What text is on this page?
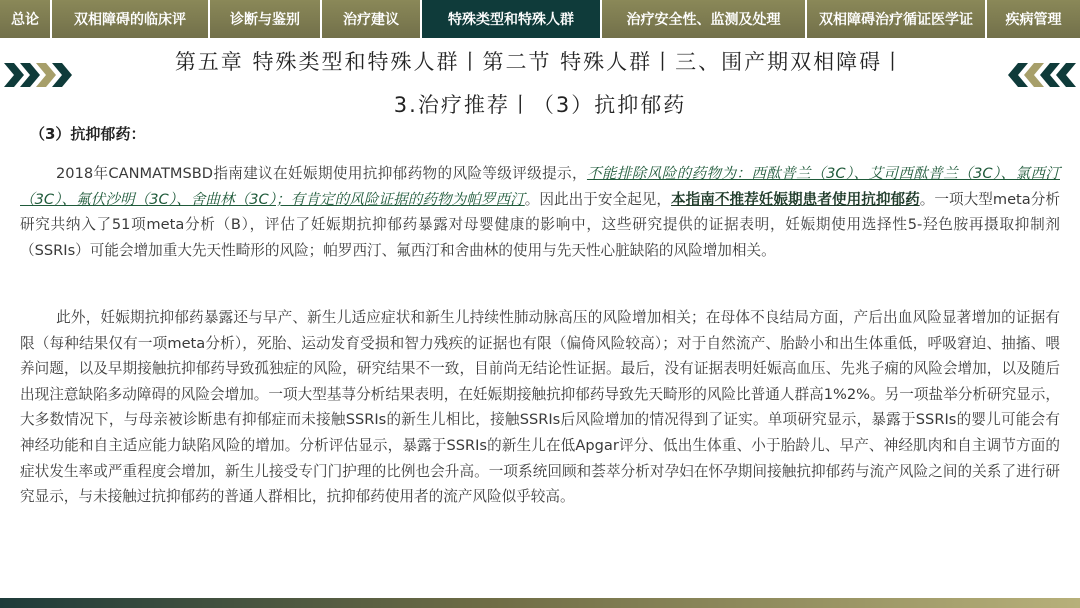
总论	双相障碍的临床评	诊断与鉴别	治疗建议	特殊类型和特殊人群	治疗安全性、监测及处理	双相障碍治疗循证医学证	疾病管理
第五章 特殊类型和特殊人群丨第二节 特殊人群丨三、围产期双相障碍丨
3.治疗推荐丨（3）抗抑郁药
（3）抗抑郁药：

2018年CANMATMSBD指南建议在妊娠期使用抗抑郁药物的风险等级评级提示，不能排除风险的药物为：西酞普兰（3C）、艾司西酞普兰（3C）、氯西汀（3C）、氟伏沙明（3C）、舍曲林（3C）；有肯定的风险证据的药物为帕罗西汀。因此出于安全起见，本指南不推荐妊娠期患者使用抗抑郁药。一项大型meta分析研究共纳入了51项meta分析（B），评估了妊娠期抗抑郁药暴露对母婴健康的影响中，这些研究提供的证据表明，妊娠期使用选择性5-羟色胺再摄取抑制剂（SSRIs）可能会增加重大先天性畸形的风险；帕罗西汀、氟西汀和舍曲林的使用与先天性心脏缺陷的风险增加相关。

此外，妊娠期抗抑郁药暴露还与早产、新生儿适应症状和新生儿持续性肺动脉高压的风险增加相关；在母体不良结局方面，产后出血风险显著增加的证据有限（每种结果仅有一项meta分析），死胎、运动发育受损和智力残疾的证据也有限（偏倚风险较高）；对于自然流产、胎龄小和出生体重低，呼吸窘迫、抽搐、喂养问题，以及早期接触抗抑郁药导致孤独症的风险，研究结果不一致，目前尚无结论性证据。最后，没有证据表明妊娠高血压、先兆子痫的风险会增加，以及随后出现注意缺陷多动障碍的风险会增加。一项大型基荨分析结果表明，在妊娠期接触抗抑郁药导致先天畸形的风险比普通人群高1%2%。另一项盐举分析研究显示，大多数情况下，与母亲被诊断患有抑郁症而未接触SSRIs的新生儿相比，接触SSRIs后风险增加的情况得到了证实。单项研究显示，暴露于SSRIs的婴儿可能会有神经功能和自主适应能力缺陷风险的增加。分析评估显示，暴露于SSRIs的新生儿在低Apgar评分、低出生体重、小于胎龄儿、早产、神经肌肉和自主调节方面的症状发生率或严重程度会增加，新生儿接受专门门护理的比例也会升高。一项系统回顾和荟萃分析对孕妇在怀孕期间接触抗抑郁药与流产风险之间的关系了进行研究显示，与未接触过抗抑郁药的普通人群相比，抗抑郁药使用者的流产风险似乎较高。
